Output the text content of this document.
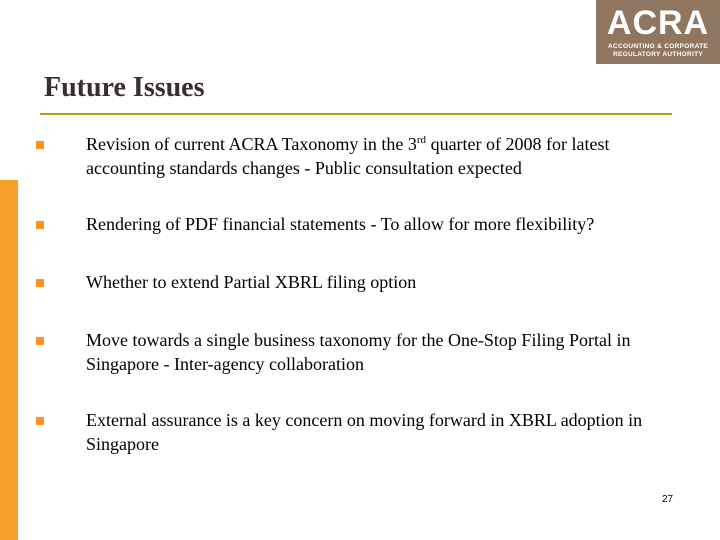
ACRA
ACCOUNTING & CORPORATE
REGULATORY AUTHORITY
Future Issues
Revision of current ACRA Taxonomy in the 3rd quarter of 2008 for latest accounting standards changes - Public consultation expected
Rendering of PDF financial statements - To allow for more flexibility?
Whether to extend Partial XBRL filing option
Move towards a single business taxonomy for the One-Stop Filing Portal in Singapore - Inter-agency collaboration
External assurance is a key concern on moving forward in XBRL adoption in Singapore
27
